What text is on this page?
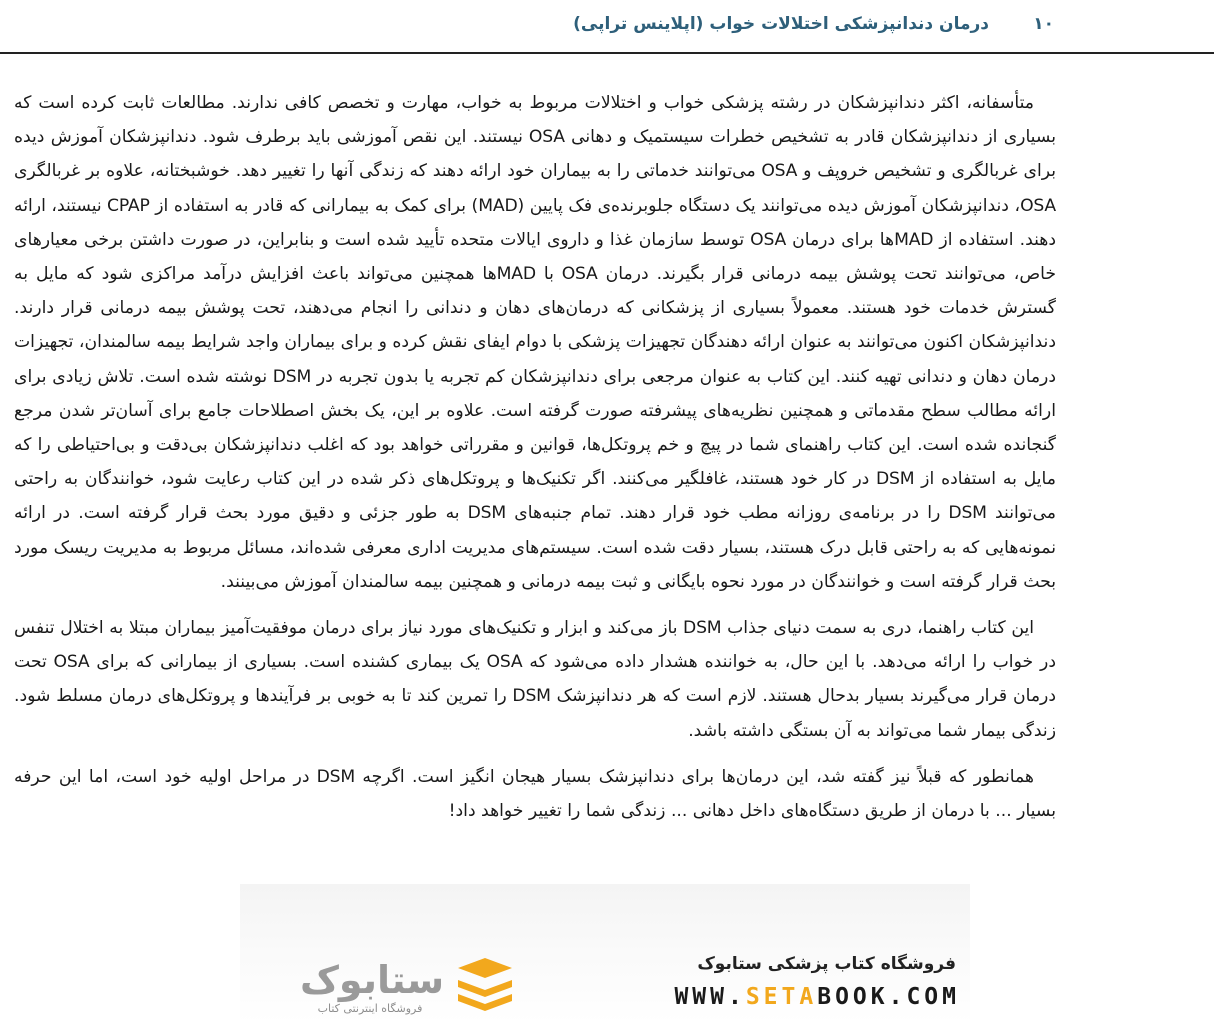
۱۰
درمان دندانپزشکی اختلالات خواب (اپلاینس تراپی)

متأسفانه، اکثر دندانپزشکان در رشته پزشکی خواب و اختلالات مربوط به خواب، مهارت و تخصص کافی ندارند. مطالعات ثابت کرده است که بسیاری از دندانپزشکان قادر به تشخیص خطرات سیستمیک و دهانی OSA نیستند. این نقص آموزشی باید برطرف شود. دندانپزشکان آموزش دیده برای غربالگری و تشخیص خروپف و OSA می‌توانند خدماتی را به بیماران خود ارائه دهند که زندگی آنها را تغییر دهد. خوشبختانه، علاوه بر غربالگری OSA، دندانپزشکان آموزش دیده می‌توانند یک دستگاه جلوبرنده‌ی فک پایین (MAD) برای کمک به بیمارانی که قادر به استفاده از CPAP نیستند، ارائه دهند. استفاده از MADها برای درمان OSA توسط سازمان غذا و داروی ایالات متحده تأیید شده است و بنابراین، در صورت داشتن برخی معیارهای خاص، می‌توانند تحت پوشش بیمه درمانی قرار بگیرند. درمان OSA با MADها همچنین می‌تواند باعث افزایش درآمد مراکزی شود که مایل به گسترش خدمات خود هستند. معمولاً بسیاری از پزشکانی که درمان‌های دهان و دندانی را انجام می‌دهند، تحت پوشش بیمه درمانی قرار دارند. دندانپزشکان اکنون می‌توانند به عنوان ارائه دهندگان تجهیزات پزشکی با دوام ایفای نقش کرده و برای بیماران واجد شرایط بیمه سالمندان، تجهیزات درمان دهان و دندانی تهیه کنند. این کتاب به عنوان مرجعی برای دندانپزشکان کم تجربه یا بدون تجربه در DSM نوشته شده است. تلاش زیادی برای ارائه مطالب سطح مقدماتی و همچنین نظریه‌های پیشرفته صورت گرفته است. علاوه بر این، یک بخش اصطلاحات جامع برای آسان‌تر شدن مرجع گنجانده شده است. این کتاب راهنمای شما در پیچ و خم پروتکل‌ها، قوانین و مقرراتی خواهد بود که اغلب دندانپزشکان بی‌دقت و بی‌احتیاطی را که مایل به استفاده از DSM در کار خود هستند، غافلگیر می‌کنند. اگر تکنیک‌ها و پروتکل‌های ذکر شده در این کتاب رعایت شود، خوانندگان به راحتی می‌توانند DSM را در برنامه‌ی روزانه مطب خود قرار دهند. تمام جنبه‌های DSM به طور جزئی و دقیق مورد بحث قرار گرفته است. در ارائه نمونه‌هایی که به راحتی قابل درک هستند، بسیار دقت شده است. سیستم‌های مدیریت اداری معرفی شده‌اند، مسائل مربوط به مدیریت ریسک مورد بحث قرار گرفته است و خوانندگان در مورد نحوه بایگانی و ثبت بیمه درمانی و همچنین بیمه سالمندان آموزش می‌بینند.

این کتاب راهنما، دری به سمت دنیای جذاب DSM باز می‌کند و ابزار و تکنیک‌های مورد نیاز برای درمان موفقیت‌آمیز بیماران مبتلا به اختلال تنفس در خواب را ارائه می‌دهد. با این حال، به خواننده هشدار داده می‌شود که OSA یک بیماری کشنده است. بسیاری از بیمارانی که برای OSA تحت درمان قرار می‌گیرند بسیار بدحال هستند. لازم است که هر دندانپزشک DSM را تمرین کند تا به خوبی بر فرآیندها و پروتکل‌های درمان مسلط شود. زندگی بیمار شما می‌تواند به آن بستگی داشته باشد.

همانطور که قبلاً نیز گفته شد، این درمان‌ها برای دندانپزشک بسیار هیجان انگیز است. اگرچه DSM در مراحل اولیه خود است، اما این حرفه بسیار ... با درمان از طریق دستگاه‌های داخل دهانی ... زندگی شما را تغییر خواهد داد!

فروشگاه کتاب پزشکی ستابوک
WWW.SETABOOK.COM
ستابوک
فروشگاه اینترنتی کتاب
